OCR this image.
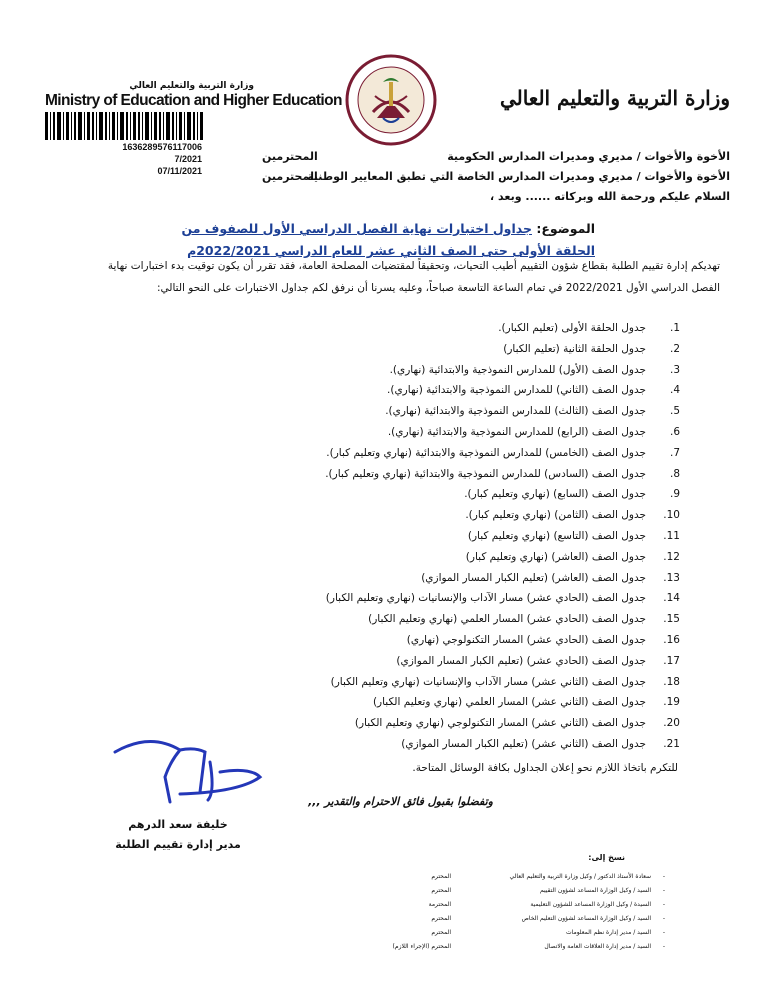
وزارة التربية والتعليم العالي
وزارة التربية والتعليم العالي
Ministry of Education and Higher Education
1636289576117006
7/2021
07/11/2021
الأخوة والأخوات / مديري ومديرات المدارس الحكومية
المحترمين
الأخوة والأخوات / مديري ومديرات المدارس الخاصة التي تطبق المعايير الوطنية
المحترمين
السلام عليكم ورحمة الله وبركاته ...... وبعد ،
الموضوع: جداول اختبارات نهاية الفصل الدراسي الأول للصفوف من الحلقة الأولى حتى الصف الثاني عشر للعام الدراسي 2022/2021م
تهديكم إدارة تقييم الطلبة بقطاع شؤون التقييم أطيب التحيات، وتحقيقاً لمقتضيات المصلحة العامة، فقد تقرر أن يكون توقيت بدء اختبارات نهاية الفصل الدراسي الأول 2022/2021 في تمام الساعة التاسعة صباحاً، وعليه يسرنا أن نرفق لكم جداول الاختبارات على النحو التالي:
1.جدول الحلقة الأولى (تعليم الكبار).
2.جدول الحلقة الثانية (تعليم الكبار)
3.جدول الصف (الأول) للمدارس النموذجية والابتدائية (نهاري).
4.جدول الصف (الثاني) للمدارس النموذجية والابتدائية (نهاري).
5.جدول الصف (الثالث) للمدارس النموذجية والابتدائية (نهاري).
6.جدول الصف (الرابع) للمدارس النموذجية والابتدائية (نهاري).
7.جدول الصف (الخامس) للمدارس النموذجية والابتدائية (نهاري وتعليم كبار).
8.جدول الصف (السادس) للمدارس النموذجية والابتدائية (نهاري وتعليم كبار).
9.جدول الصف (السابع) (نهاري وتعليم كبار).
10.جدول الصف (الثامن) (نهاري وتعليم كبار).
11.جدول الصف (التاسع) (نهاري وتعليم كبار)
12.جدول الصف (العاشر) (نهاري وتعليم كبار)
13.جدول الصف (العاشر) (تعليم الكبار المسار الموازي)
14.جدول الصف (الحادي عشر) مسار الآداب والإنسانيات (نهاري وتعليم الكبار)
15.جدول الصف (الحادي عشر) المسار العلمي (نهاري وتعليم الكبار)
16.جدول الصف (الحادي عشر) المسار التكنولوجي (نهاري)
17.جدول الصف (الحادي عشر) (تعليم الكبار المسار الموازي)
18.جدول الصف (الثاني عشر) مسار الآداب والإنسانيات (نهاري وتعليم الكبار)
19.جدول الصف (الثاني عشر) المسار العلمي (نهاري وتعليم الكبار)
20.جدول الصف (الثاني عشر) المسار التكنولوجي (نهاري وتعليم الكبار)
21.جدول الصف (الثاني عشر) (تعليم الكبار المسار الموازي)
للتكرم باتخاذ اللازم نحو إعلان الجداول بكافة الوسائل المتاحة.
وتفضلوا بقبول فائق الاحترام والتقدير ,,,
خليفة سعد الدرهم
مدير إدارة تقييم الطلبة
نسخ إلى:
-سعادة الأستاذ الدكتور / وكيل وزارة التربية والتعليم العاليالمحترم
-السيد / وكيل الوزارة المساعد لشؤون التقييمالمحترم
-السيدة / وكيل الوزارة المساعد للشؤون التعليميةالمحترمة
-السيد / وكيل الوزارة المساعد لشؤون التعليم الخاصالمحترم
-السيد / مدير إدارة نظم المعلوماتالمحترم
-السيد / مدير إدارة العلاقات العامة والاتصالالمحترم (الإجراء اللازم)
